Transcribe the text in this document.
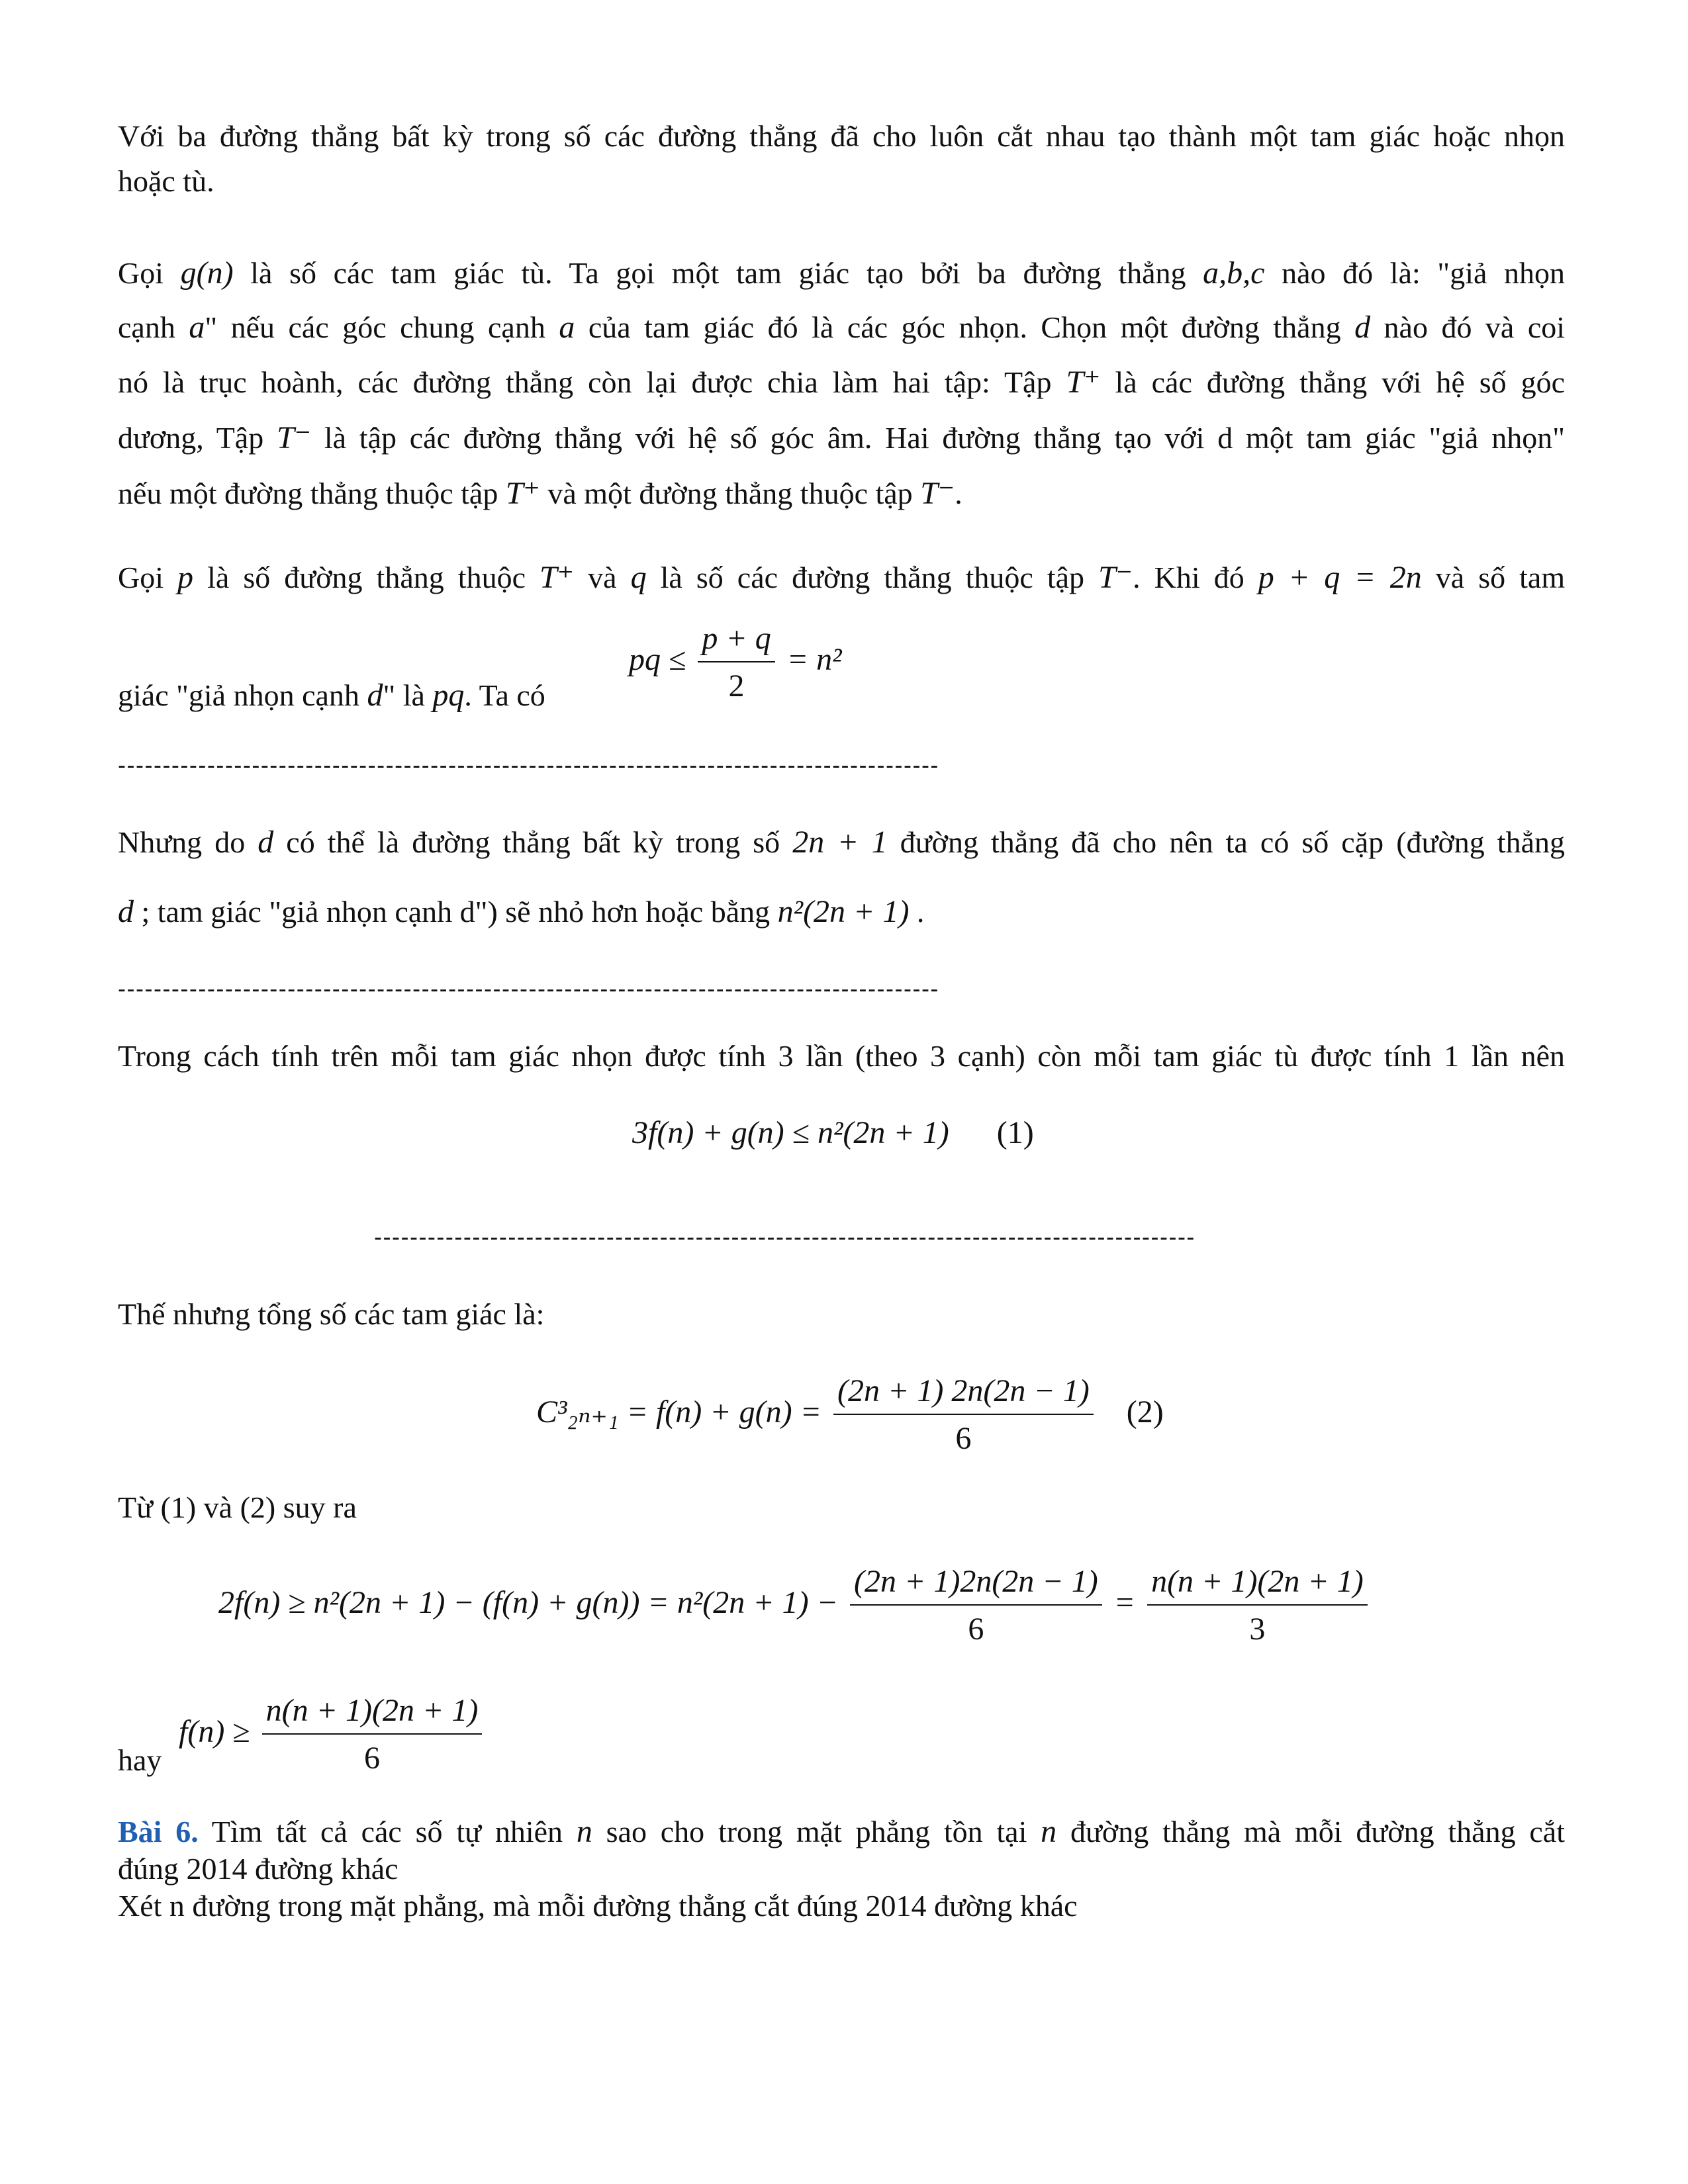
Với ba đường thẳng bất kỳ trong số các đường thẳng đã cho luôn cắt nhau tạo thành một tam giác hoặc nhọn
hoặc tù.
Gọi g(n) là số các tam giác tù. Ta gọi một tam giác tạo bởi ba đường thẳng a,b,c nào đó là: "giả nhọn
cạnh a" nếu các góc chung cạnh a của tam giác đó là các góc nhọn. Chọn một đường thẳng d nào đó và coi
nó là trục hoành, các đường thẳng còn lại được chia làm hai tập: Tập T⁺ là các đường thẳng với hệ số góc
dương, Tập T⁻ là tập các đường thẳng với hệ số góc âm. Hai đường thẳng tạo với d một tam giác "giả nhọn"
nếu một đường thẳng thuộc tập T⁺ và một đường thẳng thuộc tập T⁻.
Gọi p là số đường thẳng thuộc T⁺ và q là số các đường thẳng thuộc tập T⁻. Khi đó p + q = 2n và số tam
giác "giả nhọn cạnh d" là pq. Ta có
pq ≤ $\frac{p + q}{2} = n^2$
--------------------------------------------------------------------------------------------
Nhưng do d có thể là đường thẳng bất kỳ trong số 2n + 1 đường thẳng đã cho nên ta có số cặp (đường thẳng
d ; tam giác "giả nhọn cạnh d") sẽ nhỏ hơn hoặc bằng n²(2n + 1) .
--------------------------------------------------------------------------------------------
Trong cách tính trên mỗi tam giác nhọn được tính 3 lần (theo 3 cạnh) còn mỗi tam giác tù được tính 1 lần nên
3f(n) + g(n) ≤ n²(2n + 1) (1)
--------------------------------------------------------------------------------------------
Thế nhưng tổng số các tam giác là:
$C^3_{2n+1} = f(n) + g(n) = \frac{(2n + 1) 2n(2n - 1)}{6} (2)$
Từ (1) và (2) suy ra
$2f(n) \ge n^2(2n + 1) - (f(n) + g(n)) = n^2(2n + 1) - \frac{(2n + 1)2n(2n - 1)}{6} = \frac{n(n + 1)(2n + 1)}{3}$
hay
$f(n) \ge \frac{n(n + 1)(2n + 1)}{6}$
Bài 6. Tìm tất cả các số tự nhiên n sao cho trong mặt phẳng tồn tại n đường thẳng mà mỗi đường thẳng cắt
đúng 2014 đường khác
Xét n đường trong mặt phẳng, mà mỗi đường thẳng cắt đúng 2014 đường khác
